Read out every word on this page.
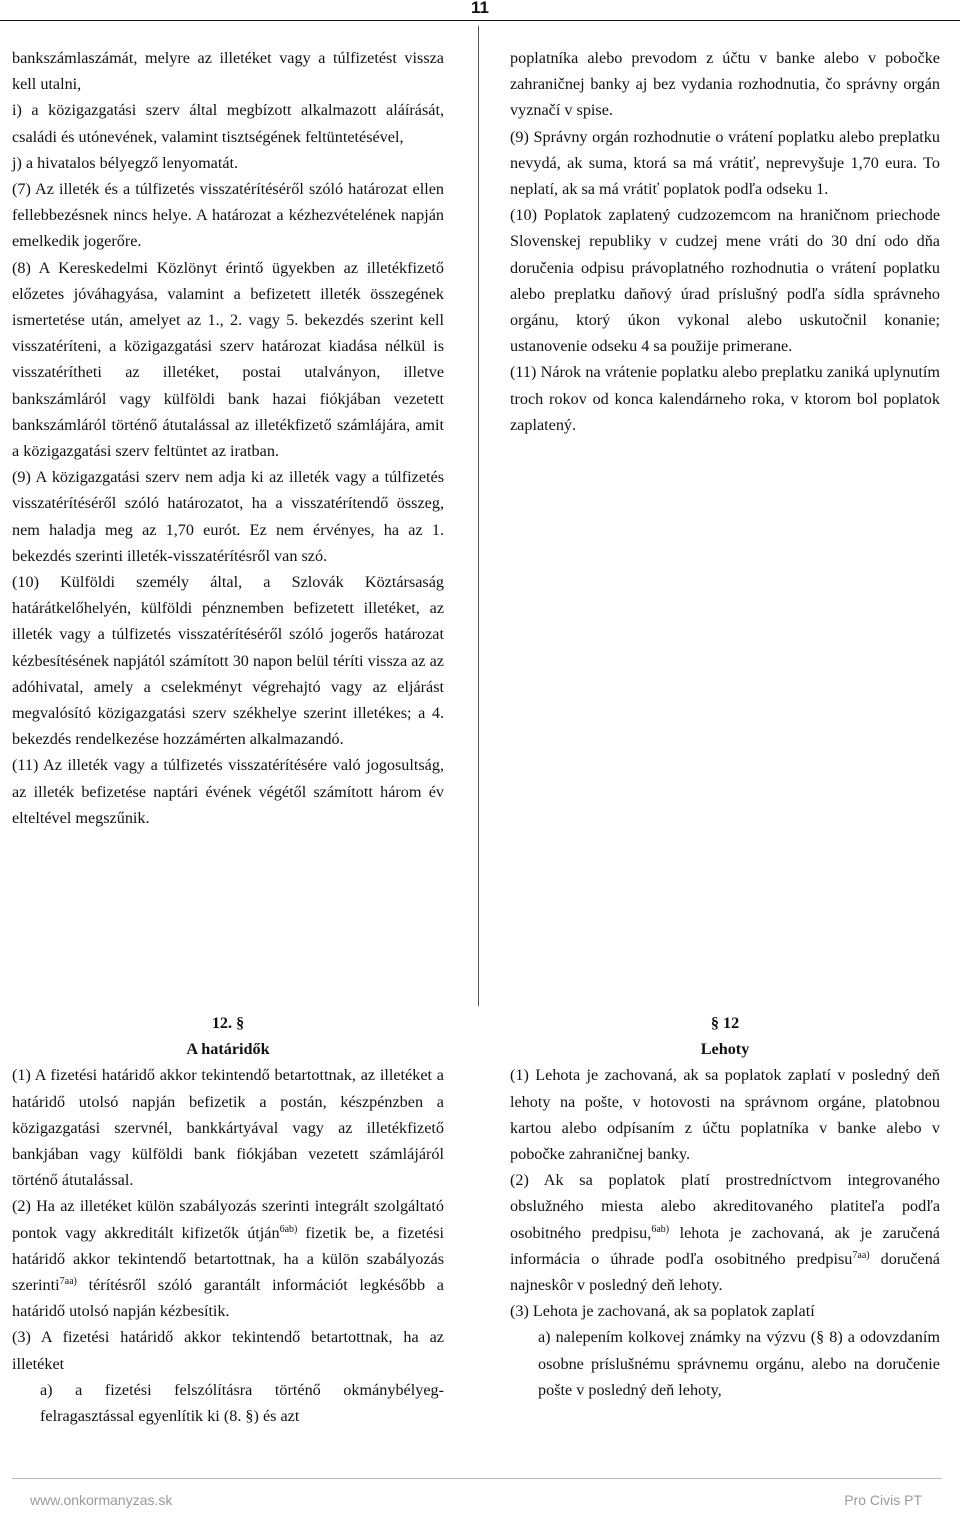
11

bankszámlaszámát, melyre az illetéket vagy a túlfizetést vissza kell utalni,

i) a közigazgatási szerv által megbízott alkalmazott aláírását, családi és utónevének, valamint tisztségének feltüntetésével,

j) a hivatalos bélyegző lenyomatát.

(7) Az illeték és a túlfizetés visszatérítéséről szóló határozat ellen fellebbezésnek nincs helye. A határozat a kézhezvételének napján emelkedik jogerőre.

(8) A Kereskedelmi Közlönyt érintő ügyekben az illetékfizető előzetes jóváhagyása, valamint a befizetett illeték összegének ismertetése után, amelyet az 1., 2. vagy 5. bekezdés szerint kell visszatéríteni, a közigazgatási szerv határozat kiadása nélkül is visszatérítheti az illetéket, postai utalványon, illetve bankszámláról vagy külföldi bank hazai fiókjában vezetett bankszámláról történő átutalással az illetékfizető számlájára, amit a közigazgatási szerv feltüntet az iratban.

(9) A közigazgatási szerv nem adja ki az illeték vagy a túlfizetés visszatérítéséről szóló határozatot, ha a visszatérítendő összeg, nem haladja meg az 1,70 eurót. Ez nem érvényes, ha az 1. bekezdés szerinti illeték-visszatérítésről van szó.

(10) Külföldi személy által, a Szlovák Köztársaság határátkelőhelyén, külföldi pénznemben befizetett illetéket, az illeték vagy a túlfizetés visszatérítéséről szóló jogerős határozat kézbesítésének napjától számított 30 napon belül téríti vissza az az adóhivatal, amely a cselekményt végrehajtó vagy az eljárást megvalósító közigazgatási szerv székhelye szerint illetékes; a 4. bekezdés rendelkezése hozzámérten alkalmazandó.

(11) Az illeték vagy a túlfizetés visszatérítésére való jogosultság, az illeték befizetése naptári évének végétől számított három év elteltével megszűnik.

poplatníka alebo prevodom z účtu v banke alebo v pobočke zahraničnej banky aj bez vydania rozhodnutia, čo správny orgán vyznačí v spise.

(9) Správny orgán rozhodnutie o vrátení poplatku alebo preplatku nevydá, ak suma, ktorá sa má vrátiť, neprevyšuje 1,70 eura. To neplatí, ak sa má vrátiť poplatok podľa odseku 1.

(10) Poplatok zaplatený cudzozemcom na hraničnom priechode Slovenskej republiky v cudzej mene vráti do 30 dní odo dňa doručenia odpisu právoplatného rozhodnutia o vrátení poplatku alebo preplatku daňový úrad príslušný podľa sídla správneho orgánu, ktorý úkon vykonal alebo uskutočnil konanie; ustanovenie odseku 4 sa použije primerane.

(11) Nárok na vrátenie poplatku alebo preplatku zaniká uplynutím troch rokov od konca kalendárneho roka, v ktorom bol poplatok zaplatený.

12. §

A határidők

(1) A fizetési határidő akkor tekintendő betartottnak, az illetéket a határidő utolsó napján befizetik a postán, készpénzben a közigazgatási szervnél, bankkártyával vagy az illetékfizető bankjában vagy külföldi bank fiókjában vezetett számlájáról történő átutalással.

(2) Ha az illetéket külön szabályozás szerinti integrált szolgáltató pontok vagy akkreditált kifizetők útján$^{6ab)}$ fizetik be, a fizetési határidő akkor tekintendő betartottnak, ha a külön szabályozás szerinti$^{7aa)}$ térítésről szóló garantált információt legkésőbb a határidő utolsó napján kézbesítik.

(3) A fizetési határidő akkor tekintendő betartottnak, ha az illetéket

a) a fizetési felszólításra történő okmánybélyeg-felragasztással egyenlítik ki (8. §) és azt

§ 12

Lehoty

(1) Lehota je zachovaná, ak sa poplatok zaplatí v posledný deň lehoty na pošte, v hotovosti na správnom orgáne, platobnou kartou alebo odpísaním z účtu poplatníka v banke alebo v pobočke zahraničnej banky.

(2) Ak sa poplatok platí prostredníctvom integrovaného obslužného miesta alebo akreditovaného platiteľa podľa osobitného predpisu,$^{6ab)}$ lehota je zachovaná, ak je zaručená informácia o úhrade podľa osobitného predpisu$^{7aa)}$ doručená najneskôr v posledný deň lehoty.

(3) Lehota je zachovaná, ak sa poplatok zaplatí

a) nalepením kolkovej známky na výzvu (§ 8) a odovzdaním osobne príslušnému správnemu orgánu, alebo na doručenie pošte v posledný deň lehoty,

www.onkormanyzas.sk	Pro Civis PT
